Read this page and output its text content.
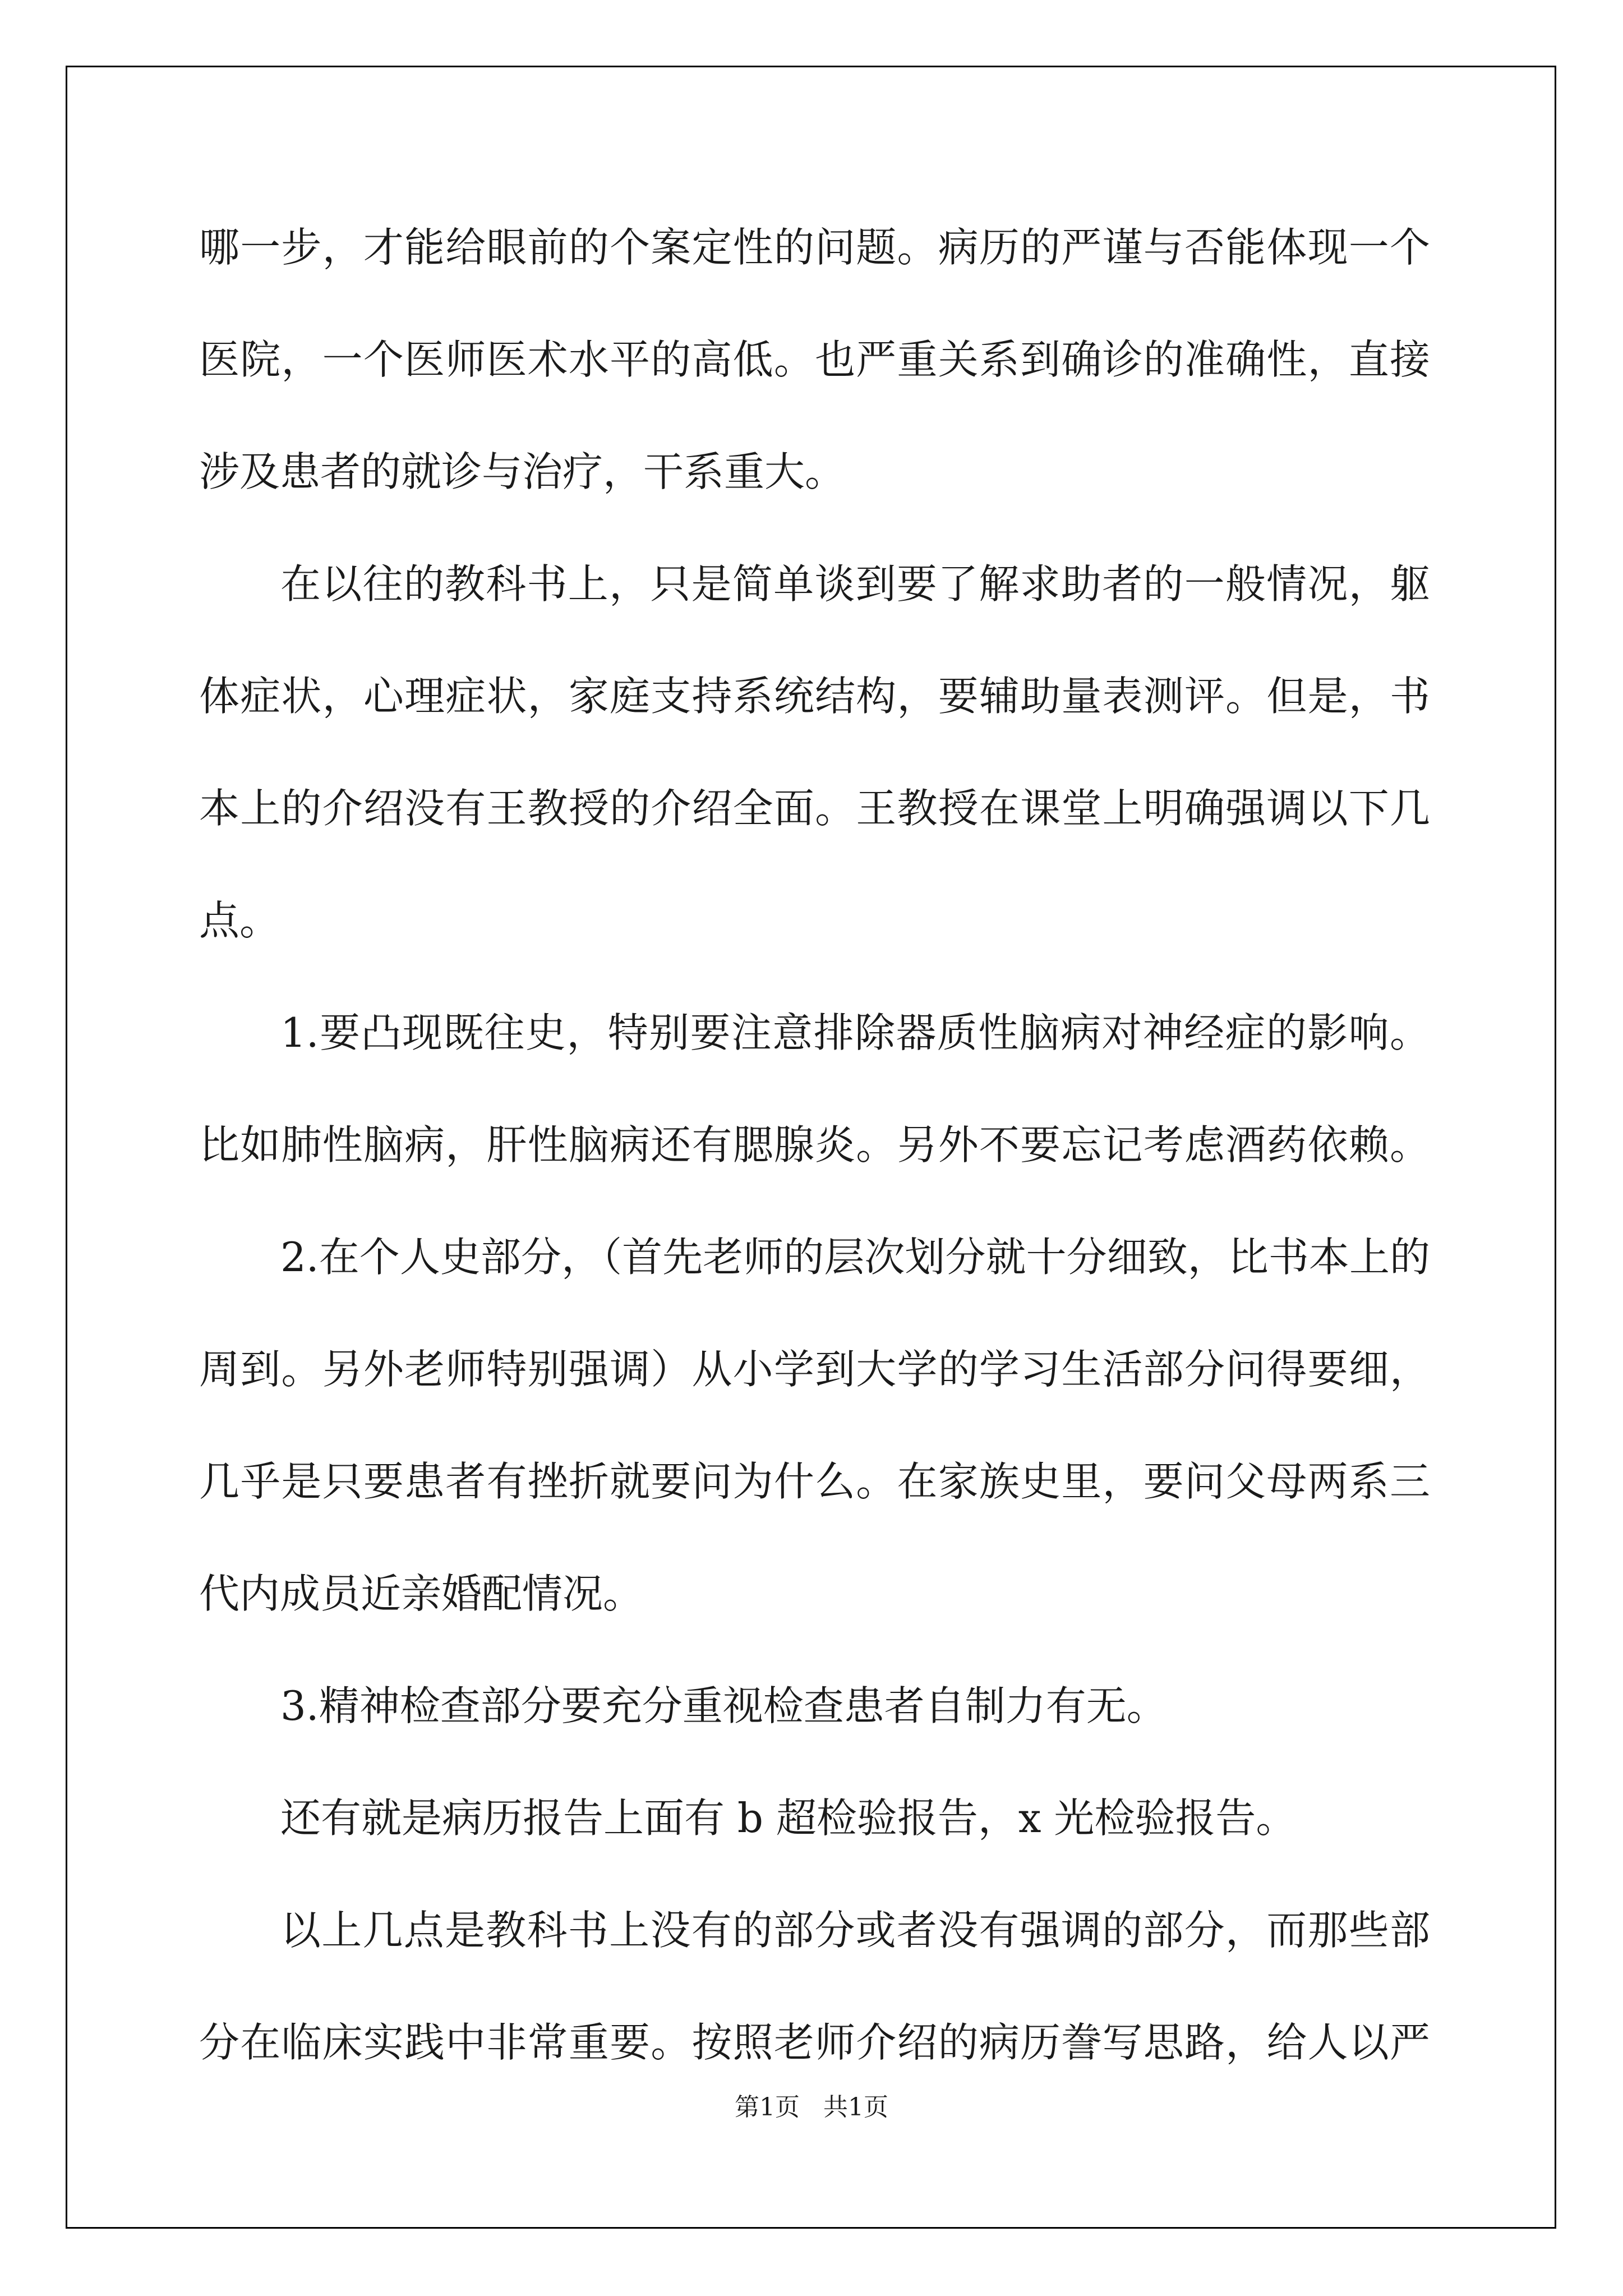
哪一步，才能给眼前的个案定性的问题。病历的严谨与否能体现一个

医院，一个医师医术水平的高低。也严重关系到确诊的准确性，直接

涉及患者的就诊与治疗，干系重大。

在以往的教科书上，只是简单谈到要了解求助者的一般情况，躯

体症状，心理症状，家庭支持系统结构，要辅助量表测评。但是，书

本上的介绍没有王教授的介绍全面。王教授在课堂上明确强调以下几

点。

1.要凸现既往史，特别要注意排除器质性脑病对神经症的影响。

比如肺性脑病，肝性脑病还有腮腺炎。另外不要忘记考虑酒药依赖。

2.在个人史部分，（首先老师的层次划分就十分细致，比书本上的

周到。另外老师特别强调）从小学到大学的学习生活部分问得要细，

几乎是只要患者有挫折就要问为什么。在家族史里，要问父母两系三

代内成员近亲婚配情况。

3.精神检查部分要充分重视检查患者自制力有无。

还有就是病历报告上面有 b 超检验报告，x 光检验报告。

以上几点是教科书上没有的部分或者没有强调的部分，而那些部

分在临床实践中非常重要。按照老师介绍的病历誊写思路，给人以严

第1页   共1页
